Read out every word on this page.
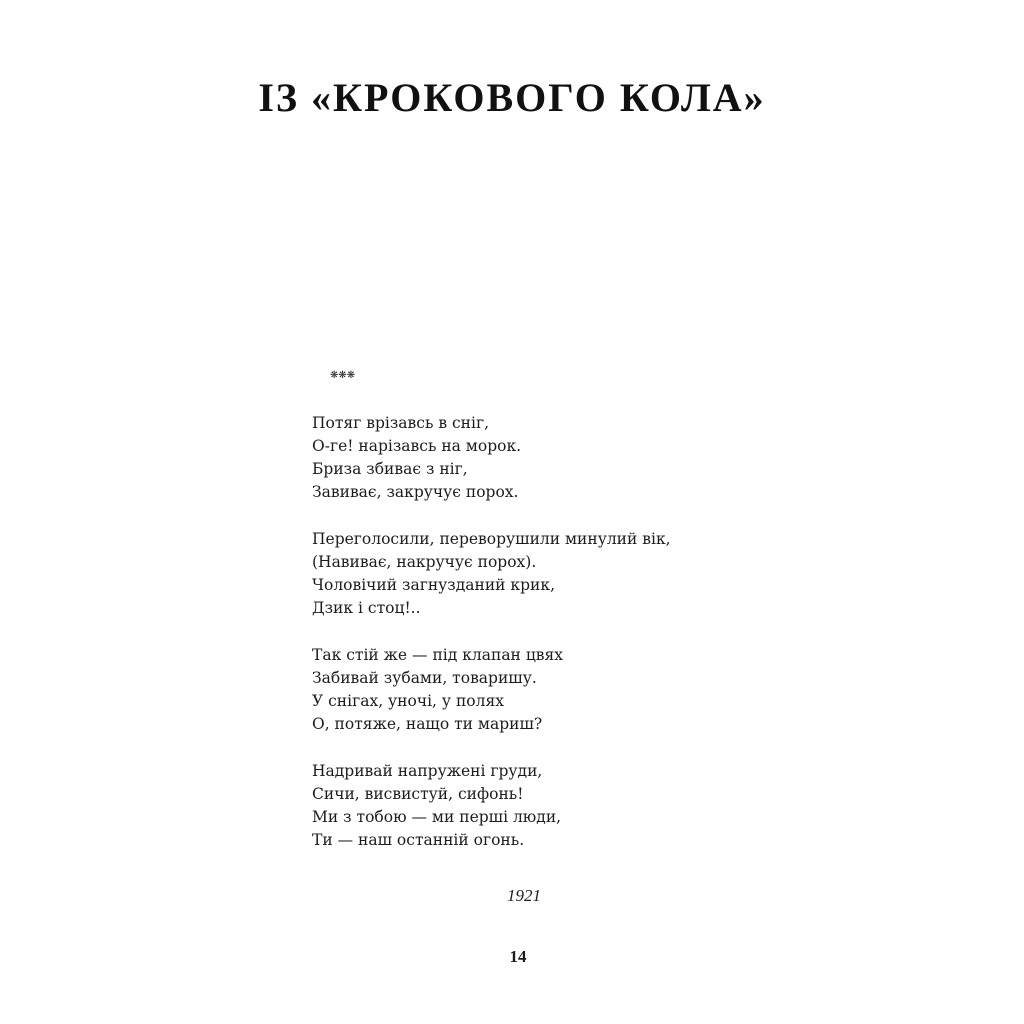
ІЗ «КРОКОВОГО КОЛА»
❋❋❋
Потяг врізавсь в сніг,
О-ге! нарізавсь на морок.
Бриза збиває з ніг,
Завиває, закручує порох.
Переголосили, переворушили минулий вік,
(Навиває, накручує порох).
Чоловічий загнузданий крик,
Дзик і стоц!..
Так стій же — під клапан цвях
Забивай зубами, товаришу.
У снігах, уночі, у полях
О, потяже, нащо ти мариш?
Надривай напружені груди,
Сичи, висвистуй, сифонь!
Ми з тобою — ми перші люди,
Ти — наш останній огонь.
1921
14
